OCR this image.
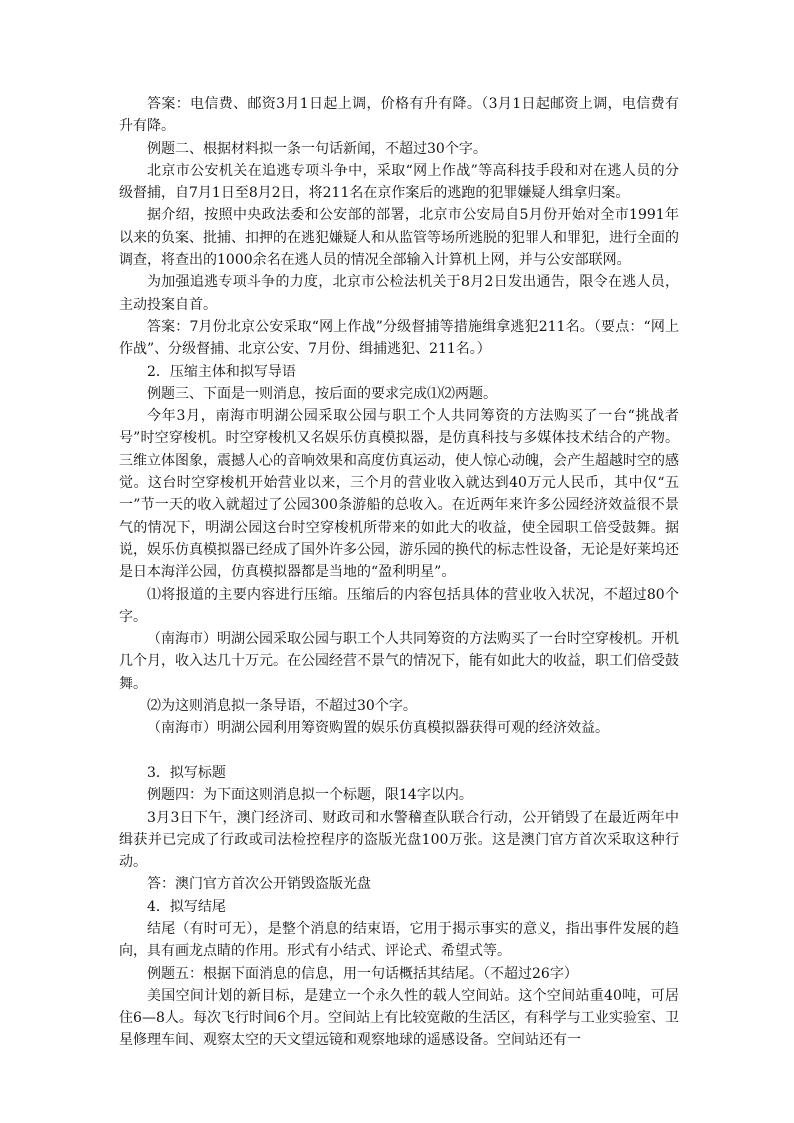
答案：电信费、邮资3月1日起上调，价格有升有降。（3月1日起邮资上调，电信费有升有降。

例题二、根据材料拟一条一句话新闻，不超过30个字。

北京市公安机关在追逃专项斗争中，采取“网上作战”等高科技手段和对在逃人员的分级督捕，自7月1日至8月2日，将211名在京作案后的逃跑的犯罪嫌疑人缉拿归案。

据介绍，按照中央政法委和公安部的部署，北京市公安局自5月份开始对全市1991年以来的负案、批捕、扣押的在逃犯嫌疑人和从监管等场所逃脱的犯罪人和罪犯，进行全面的调查，将查出的1000余名在逃人员的情况全部输入计算机上网，并与公安部联网。

为加强追逃专项斗争的力度，北京市公检法机关于8月2日发出通告，限令在逃人员，主动投案自首。

答案：7月份北京公安采取“网上作战”分级督捕等措施缉拿逃犯211名。（要点：“网上作战”、分级督捕、北京公安、7月份、缉捕逃犯、211名。）

2．压缩主体和拟写导语

例题三、下面是一则消息，按后面的要求完成⑴⑵两题。

今年3月，南海市明湖公园采取公园与职工个人共同筹资的方法购买了一台“挑战者号”时空穿梭机。时空穿梭机又名娱乐仿真模拟器，是仿真科技与多媒体技术结合的产物。三维立体图象，震撼人心的音响效果和高度仿真运动，使人惊心动魄，会产生超越时空的感觉。这台时空穿梭机开始营业以来，三个月的营业收入就达到40万元人民币，其中仅“五一”节一天的收入就超过了公园300条游船的总收入。在近两年来许多公园经济效益很不景气的情况下，明湖公园这台时空穿梭机所带来的如此大的收益，使全园职工倍受鼓舞。据说，娱乐仿真模拟器已经成了国外许多公园，游乐园的换代的标志性设备，无论是好莱坞还是日本海洋公园，仿真模拟器都是当地的“盈利明星”。

⑴将报道的主要内容进行压缩。压缩后的内容包括具体的营业收入状况，不超过80个字。

（南海市）明湖公园采取公园与职工个人共同筹资的方法购买了一台时空穿梭机。开机几个月，收入达几十万元。在公园经营不景气的情况下，能有如此大的收益，职工们倍受鼓舞。

⑵为这则消息拟一条导语，不超过30个字。

（南海市）明湖公园利用筹资购置的娱乐仿真模拟器获得可观的经济效益。

3．拟写标题

例题四：为下面这则消息拟一个标题，限14字以内。

3月3日下午，澳门经济司、财政司和水警稽查队联合行动，公开销毁了在最近两年中缉获并已完成了行政或司法检控程序的盗版光盘100万张。这是澳门官方首次采取这种行动。

答：澳门官方首次公开销毁盗版光盘

4．拟写结尾

结尾（有时可无），是整个消息的结束语，它用于揭示事实的意义，指出事件发展的趋向，具有画龙点睛的作用。形式有小结式、评论式、希望式等。

例题五：根据下面消息的信息，用一句话概括其结尾。（不超过26字）

美国空间计划的新目标，是建立一个永久性的载人空间站。这个空间站重40吨，可居住6—8人。每次飞行时间6个月。空间站上有比较宽敞的生活区，有科学与工业实验室、卫星修理车间、观察太空的天文望远镜和观察地球的遥感设备。空间站还有一
